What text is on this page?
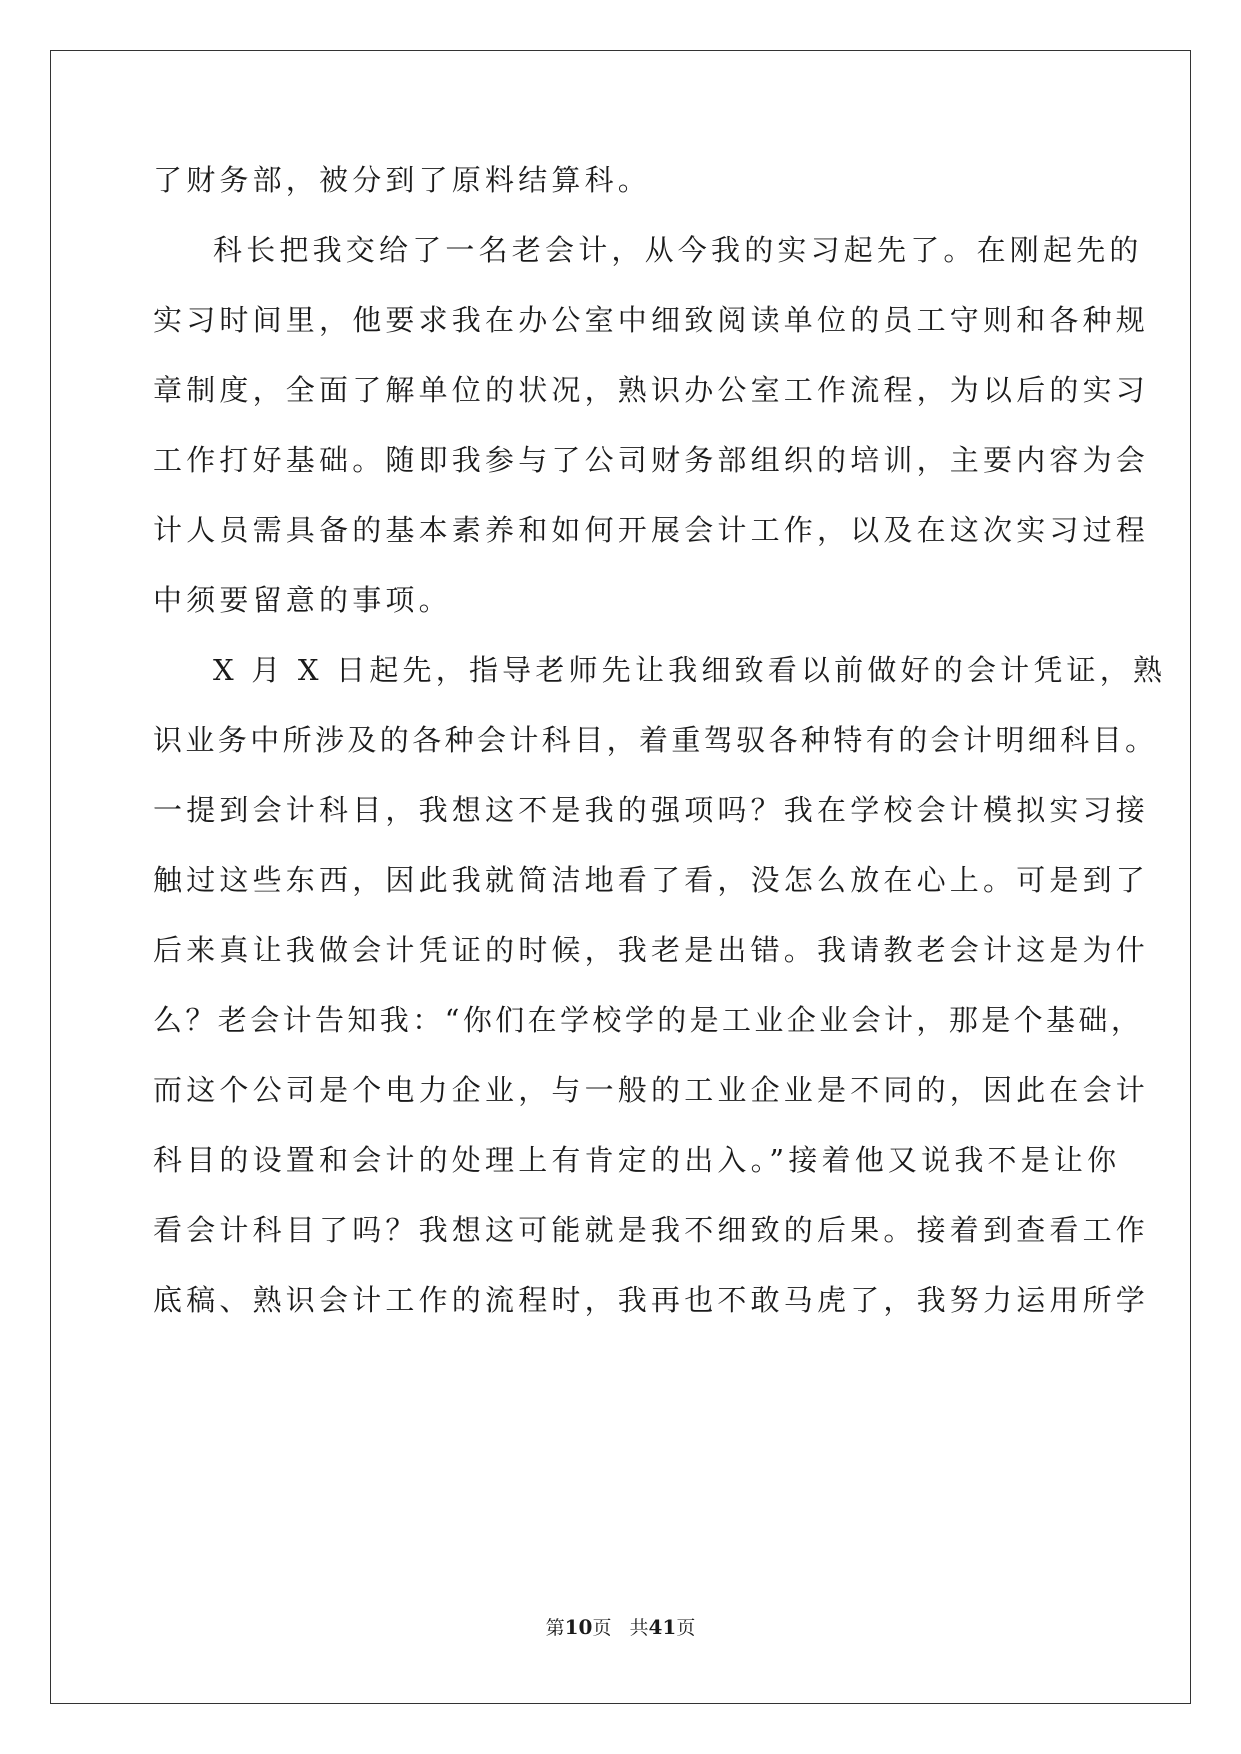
了财务部，被分到了原料结算科。
科长把我交给了一名老会计，从今我的实习起先了。在刚起先的
实习时间里，他要求我在办公室中细致阅读单位的员工守则和各种规
章制度，全面了解单位的状况，熟识办公室工作流程，为以后的实习
工作打好基础。随即我参与了公司财务部组织的培训，主要内容为会
计人员需具备的基本素养和如何开展会计工作，以及在这次实习过程
中须要留意的事项。
X 月 X 日起先，指导老师先让我细致看以前做好的会计凭证，熟
识业务中所涉及的各种会计科目，着重驾驭各种特有的会计明细科目。
一提到会计科目，我想这不是我的强项吗？我在学校会计模拟实习接
触过这些东西，因此我就简洁地看了看，没怎么放在心上。可是到了
后来真让我做会计凭证的时候，我老是出错。我请教老会计这是为什
么？老会计告知我：“你们在学校学的是工业企业会计，那是个基础，
而这个公司是个电力企业，与一般的工业企业是不同的，因此在会计
科目的设置和会计的处理上有肯定的出入。”接着他又说我不是让你
看会计科目了吗？我想这可能就是我不细致的后果。接着到查看工作
底稿、熟识会计工作的流程时，我再也不敢马虎了，我努力运用所学
第10页 共41页
